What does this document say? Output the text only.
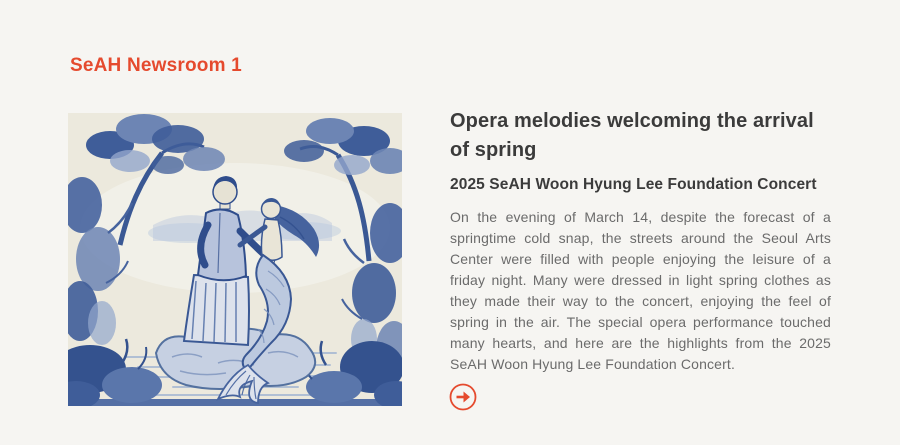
SeAH Newsroom 1
Opera melodies welcoming the arrival of spring
2025 SeAH Woon Hyung Lee Foundation Concert
On the evening of March 14, despite the forecast of a springtime cold snap, the streets around the Seoul Arts Center were filled with people enjoying the leisure of a friday night. Many were dressed in light spring clothes as they made their way to the concert, enjoying the feel of spring in the air. The special opera performance touched many hearts, and here are the highlights from the 2025 SeAH Woon Hyung Lee Foundation Concert.
